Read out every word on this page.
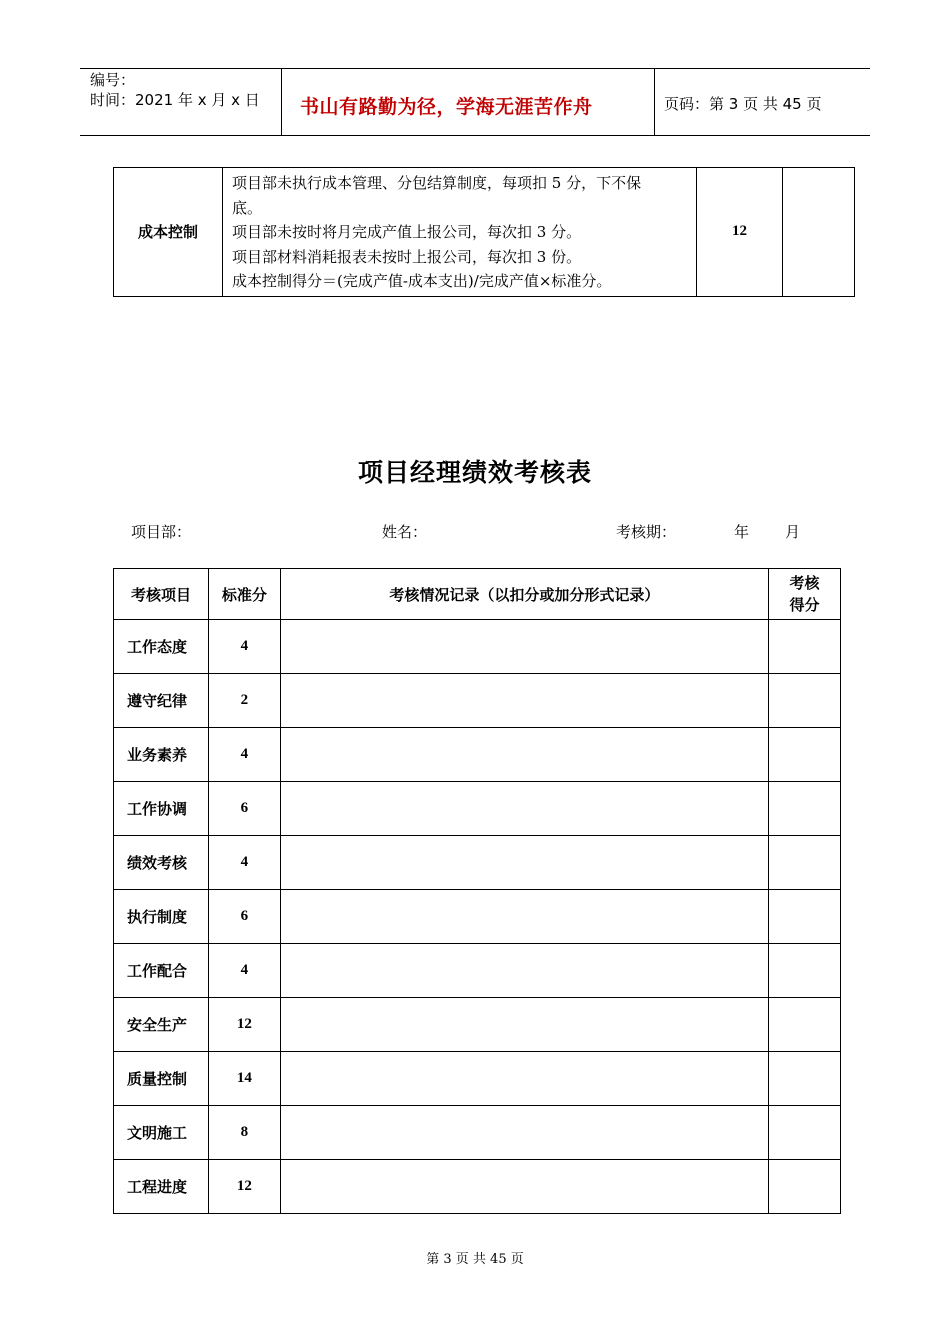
编号：
时间：2021 年 x 月 x 日 书山有路勤为径，学海无涯苦作舟	页码：第 3 页 共 45 页
成本控制	
项目部未执行成本管理、分包结算制度，每项扣 5 分，下不保
底。
项目部未按时将月完成产值上报公司，每次扣 3 分。
项目部材料消耗报表未按时上报公司，每次扣 3 份。
成本控制得分＝(完成产值-成本支出)/完成产值×标准分。
	12	
项目经理绩效考核表
项目部：	姓名：	考核期：	年 月
考核项目	标准分	考核情况记录（以扣分或加分形式记录）	考核
得分

工作态度	4		
遵守纪律	2		
业务素养	4		
工作协调	6		
绩效考核	4		
执行制度	6		
工作配合	4		
安全生产	12		
质量控制	14		
文明施工	8		
工程进度	12		
第 3 页 共 45 页
